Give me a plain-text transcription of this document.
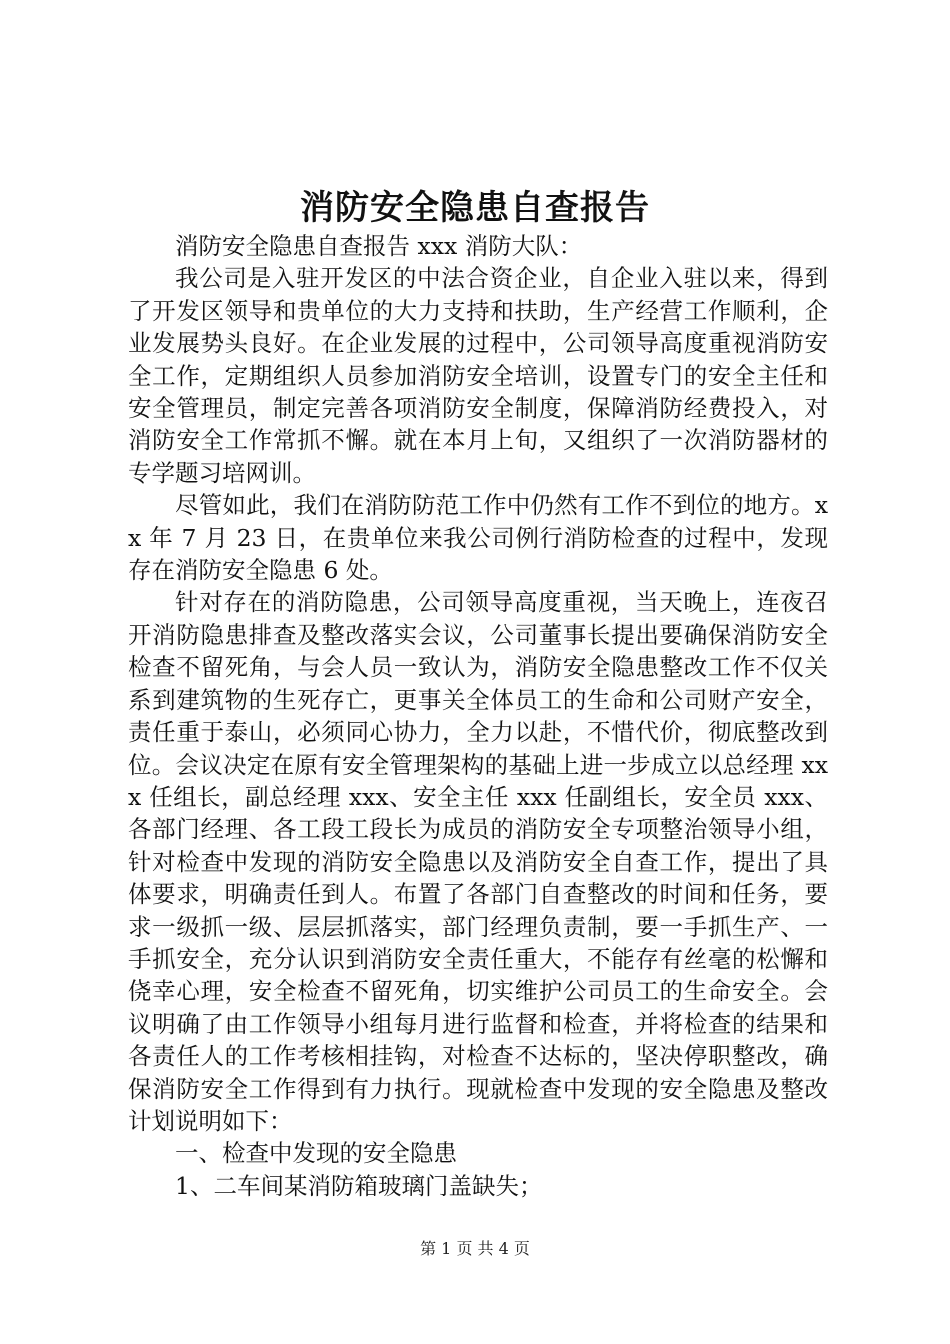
消防安全隐患自查报告

消防安全隐患自查报告 xxx 消防大队：

我公司是入驻开发区的中法合资企业，自企业入驻以来，得到了开发区领导和贵单位的大力支持和扶助，生产经营工作顺利，企业发展势头良好。在企业发展的过程中，公司领导高度重视消防安全工作，定期组织人员参加消防安全培训，设置专门的安全主任和安全管理员，制定完善各项消防安全制度，保障消防经费投入，对消防安全工作常抓不懈。就在本月上旬，又组织了一次消防器材的专学题习培网训。

尽管如此，我们在消防防范工作中仍然有工作不到位的地方。xx 年 7 月 23 日，在贵单位来我公司例行消防检查的过程中，发现存在消防安全隐患 6 处。

针对存在的消防隐患，公司领导高度重视，当天晚上，连夜召开消防隐患排查及整改落实会议，公司董事长提出要确保消防安全检查不留死角，与会人员一致认为，消防安全隐患整改工作不仅关系到建筑物的生死存亡，更事关全体员工的生命和公司财产安全，责任重于泰山，必须同心协力，全力以赴，不惜代价，彻底整改到位。会议决定在原有安全管理架构的基础上进一步成立以总经理 xxx 任组长，副总经理 xxx、安全主任 xxx 任副组长，安全员 xxx、各部门经理、各工段工段长为成员的消防安全专项整治领导小组，针对检查中发现的消防安全隐患以及消防安全自查工作，提出了具体要求，明确责任到人。布置了各部门自查整改的时间和任务，要求一级抓一级、层层抓落实，部门经理负责制，要一手抓生产、一手抓安全，充分认识到消防安全责任重大，不能存有丝毫的松懈和侥幸心理，安全检查不留死角，切实维护公司员工的生命安全。会议明确了由工作领导小组每月进行监督和检查，并将检查的结果和各责任人的工作考核相挂钩，对检查不达标的，坚决停职整改，确保消防安全工作得到有力执行。现就检查中发现的安全隐患及整改计划说明如下：

一、检查中发现的安全隐患

1、二车间某消防箱玻璃门盖缺失；

第 1 页 共 4 页
